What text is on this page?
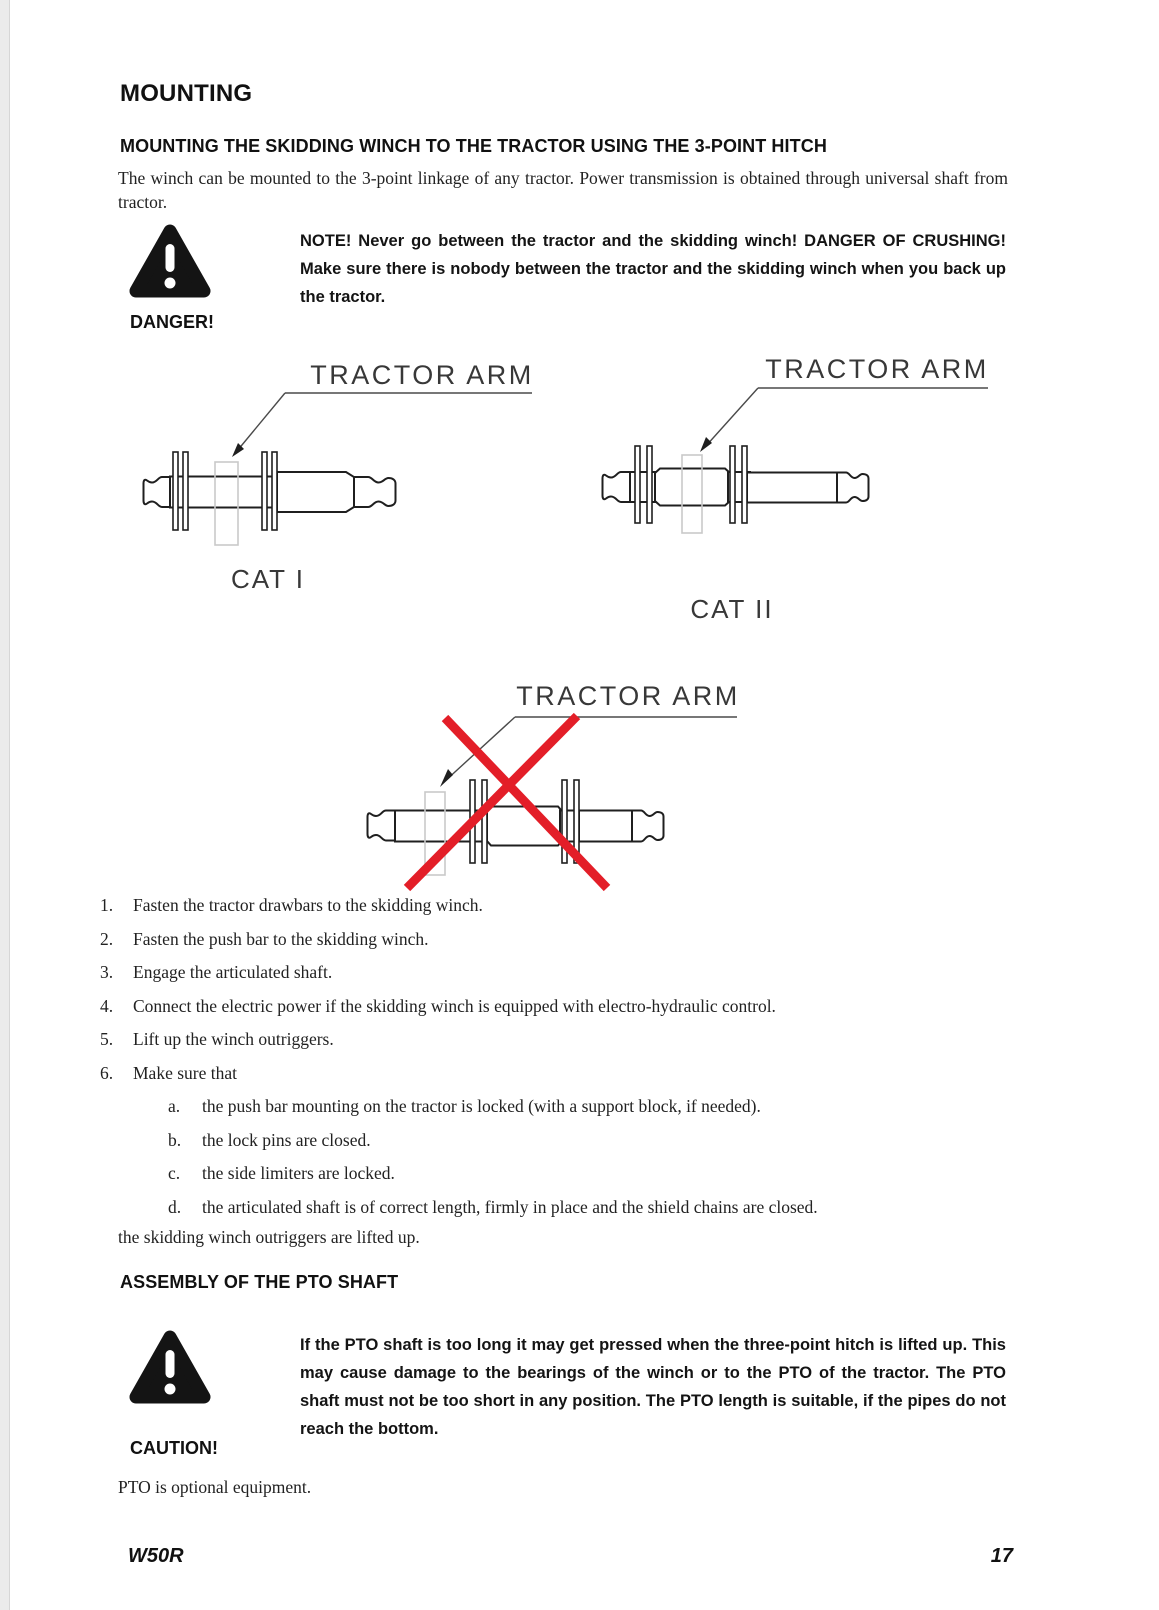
MOUNTING
MOUNTING THE SKIDDING WINCH TO THE TRACTOR USING THE 3-POINT HITCH
The winch can be mounted to the 3-point linkage of any tractor. Power transmission is obtained through universal shaft from tractor.
DANGER!
NOTE! Never go between the tractor and the skidding winch! DANGER OF CRUSHING! Make sure there is nobody between the tractor and the skidding winch when you back up the tractor.
TRACTOR ARM
CAT I
TRACTOR ARM
CAT II
TRACTOR ARM
1.	Fasten the tractor drawbars to the skidding winch.
2.	Fasten the push bar to the skidding winch.
3.	Engage the articulated shaft.
4.	Connect the electric power if the skidding winch is equipped with electro-hydraulic control.
5.	Lift up the winch outriggers.
6.	Make sure that
a.	the push bar mounting on the tractor is locked (with a support block, if needed).
b.	the lock pins are closed.
c.	the side limiters are locked.
d.	the articulated shaft is of correct length, firmly in place and the shield chains are closed.
the skidding winch outriggers are lifted up.
ASSEMBLY OF THE PTO SHAFT
CAUTION!
If the PTO shaft is too long it may get pressed when the three-point hitch is lifted up. This may cause damage to the bearings of the winch or to the PTO of the tractor. The PTO shaft must not be too short in any position. The PTO length is suitable, if the pipes do not reach the bottom.
PTO is optional equipment.
W50R	17
